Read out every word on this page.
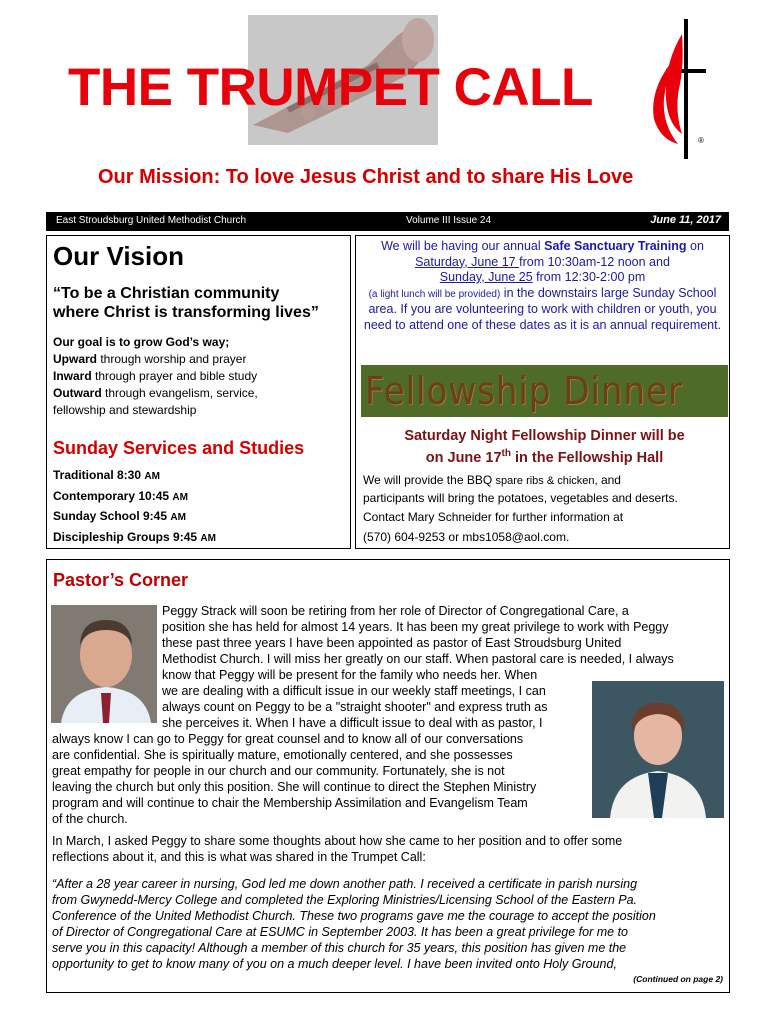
THE TRUMPET CALL
®
Our Mission: To love Jesus Christ and to share His Love
East Stroudsburg United Methodist Church	Volume III Issue 24	June 11, 2017
Our Vision
“To be a Christian community
where Christ is transforming lives”
Our goal is to grow God’s way;
Upward through worship and prayer
Inward through prayer and bible study
Outward through evangelism, service,
fellowship and stewardship
Sunday Services and Studies
Traditional 8:30 AM
Contemporary 10:45 AM
Sunday School 9:45 AM
Discipleship Groups 9:45 AM
We will be having our annual Safe Sanctuary Training on
Saturday, June 17 from 10:30am-12 noon and
Sunday, June 25 from 12:30-2:00 pm
(a light lunch will be provided) in the downstairs large Sunday School area. If you are volunteering to work with children or youth, you need to attend one of these dates as it is an annual requirement.
Fellowship Dinner
Saturday Night Fellowship Dinner will be
on June 17th in the Fellowship Hall
We will provide the BBQ spare ribs & chicken, and
participants will bring the potatoes, vegetables and deserts.
Contact Mary Schneider for further information at
(570) 604-9253 or mbs1058@aol.com.
Pastor’s Corner
(Continued on page 2)
Peggy Strack will soon be retiring from her role of Director of Congregational Care, a
position she has held for almost 14 years. It has been my great privilege to work with Peggy
these past three years I have been appointed as pastor of East Stroudsburg United
Methodist Church. I will miss her greatly on our staff. When pastoral care is needed, I always
know that Peggy will be present for the family who needs her. When
we are dealing with a difficult issue in our weekly staff meetings, I can
always count on Peggy to be a "straight shooter" and express truth as
she perceives it. When I have a difficult issue to deal with as pastor, I
always know I can go to Peggy for great counsel and to know all of our conversations
are confidential. She is spiritually mature, emotionally centered, and she possesses
great empathy for people in our church and our community. Fortunately, she is not
leaving the church but only this position. She will continue to direct the Stephen Ministry
program and will continue to chair the Membership Assimilation and Evangelism Team
of the church.
In March, I asked Peggy to share some thoughts about how she came to her position and to offer some
reflections about it, and this is what was shared in the Trumpet Call:
“After a 28 year career in nursing, God led me down another path. I received a certificate in parish nursing
from Gwynedd-Mercy College and completed the Exploring Ministries/Licensing School of the Eastern Pa.
Conference of the United Methodist Church. These two programs gave me the courage to accept the position
of Director of Congregational Care at ESUMC in September 2003. It has been a great privilege for me to
serve you in this capacity! Although a member of this church for 35 years, this position has given me the
opportunity to get to know many of you on a much deeper level. I have been invited onto Holy Ground,
